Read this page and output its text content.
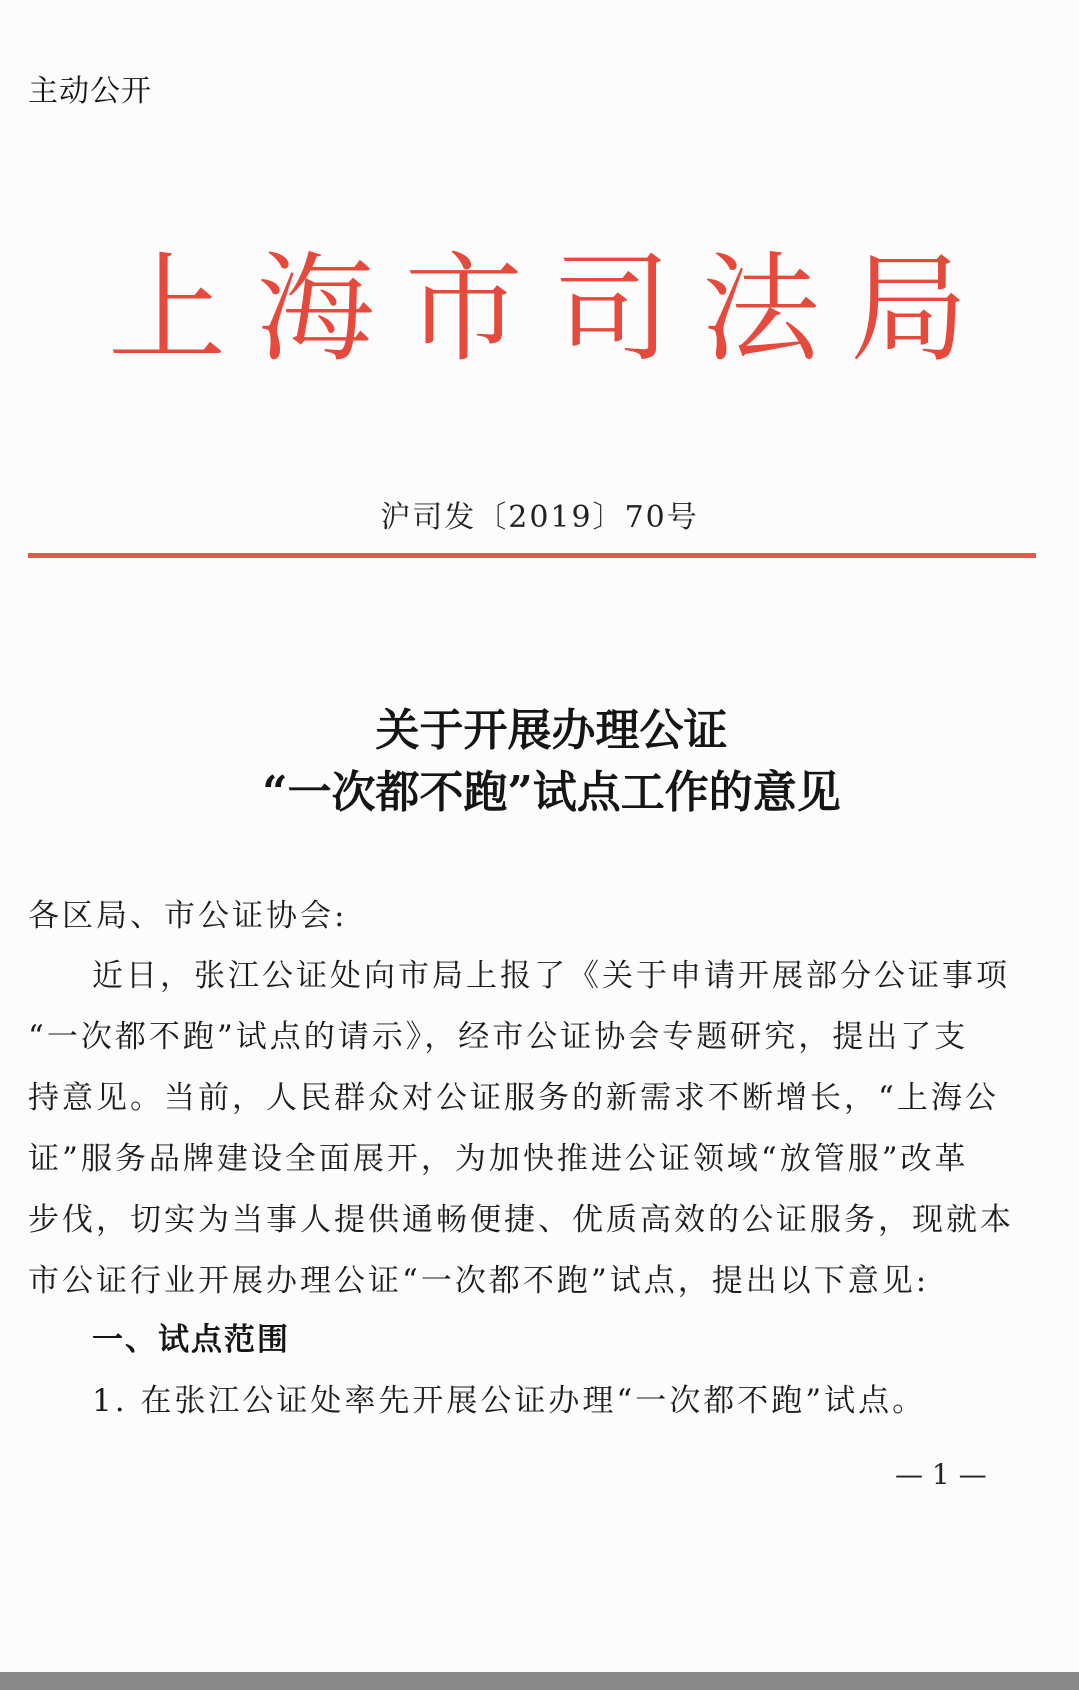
主动公开
上 海 市 司 法 局
沪司发〔2019〕70号
关于开展办理公证
“一次都不跑”试点工作的意见
各区局、市公证协会:
近日，张江公证处向市局上报了《关于申请开展部分公证事项
“一次都不跑”试点的请示》，经市公证协会专题研究，提出了支
持意见。当前，人民群众对公证服务的新需求不断增长，“上海公
证”服务品牌建设全面展开，为加快推进公证领域“放管服”改革
步伐，切实为当事人提供通畅便捷、优质高效的公证服务，现就本
市公证行业开展办理公证“一次都不跑”试点，提出以下意见:
一、试点范围
1. 在张江公证处率先开展公证办理“一次都不跑”试点。
— 1 —
